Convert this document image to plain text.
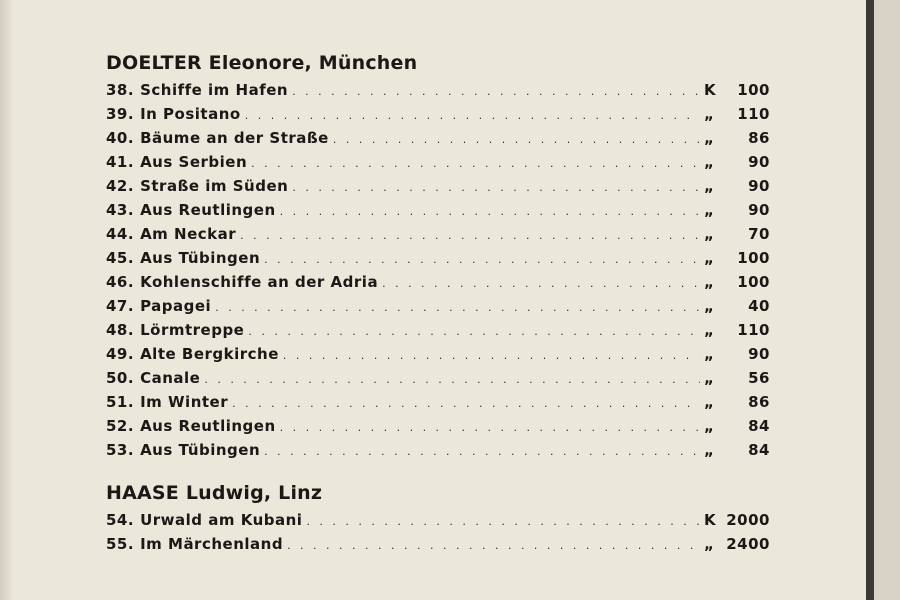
DOELTER Eleonore, München
38. Schiffe im Hafen . . .	K	100
39. In Positano . . .	„	110
40. Bäume an der Straße . . .	„	86
41. Aus Serbien . . .	„	90
42. Straße im Süden . . .	„	90
43. Aus Reutlingen . . .	„	90
44. Am Neckar . . .	„	70
45. Aus Tübingen . . .	„	100
46. Kohlenschiffe an der Adria . . .	„	100
47. Papagei . . .	„	40
48. Lörmtreppe . . .	„	110
49. Alte Bergkirche . . .	„	90
50. Canale . . .	„	56
51. Im Winter . . .	„	86
52. Aus Reutlingen . . .	„	84
53. Aus Tübingen . . .	„	84
HAASE Ludwig, Linz
54. Urwald am Kubani . . .	K 2000
55. Im Märchenland . . .	„ 2400
